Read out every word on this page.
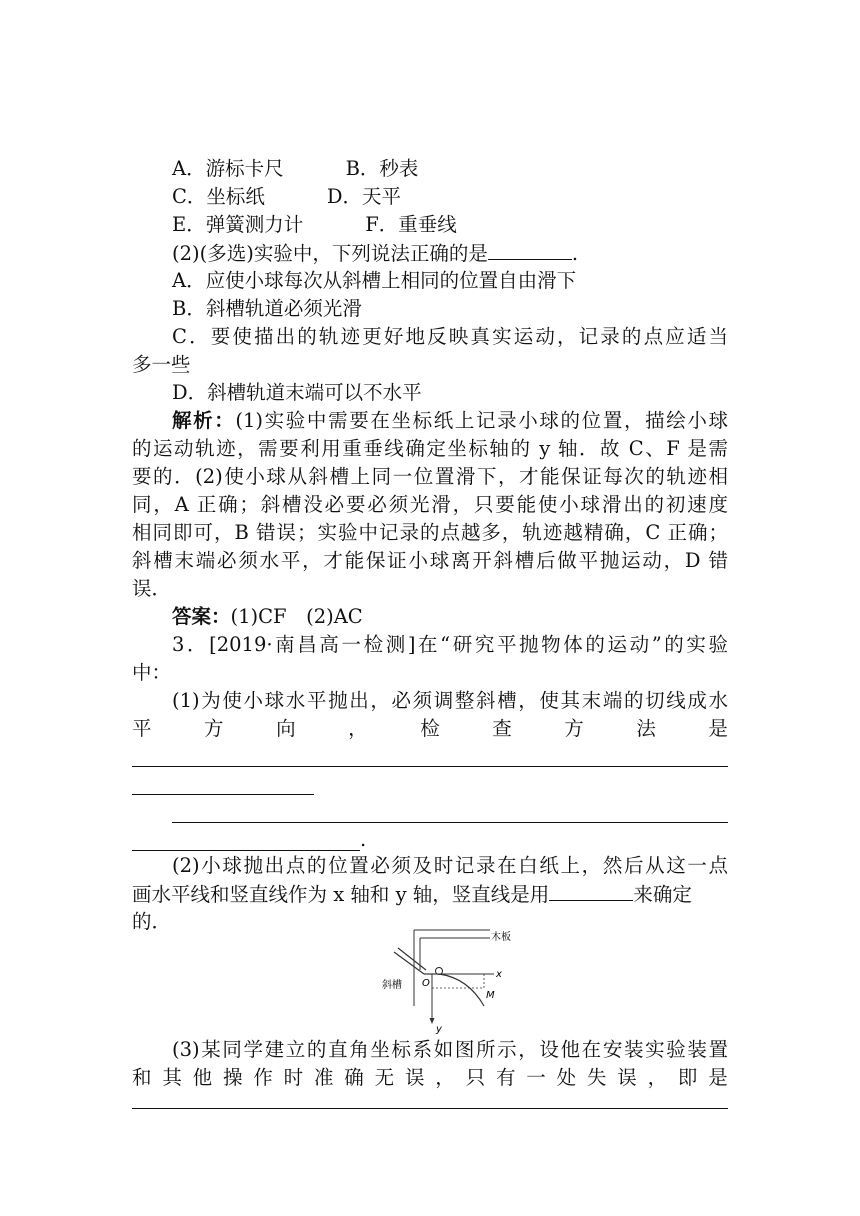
A．游标卡尺	B．秒表
C．坐标纸	D．天平
E．弹簧测力计	F．重垂线
(2)(多选)实验中，下列说法正确的是	.
A．应使小球每次从斜槽上相同的位置自由滑下
B．斜槽轨道必须光滑
C．要使描出的轨迹更好地反映真实运动，记录的点应适当
多一些
D．斜槽轨道末端可以不水平
解析：(1)实验中需要在坐标纸上记录小球的位置，描绘小球
的运动轨迹，需要利用重垂线确定坐标轴的 y 轴．故 C、F 是需
要的．(2)使小球从斜槽上同一位置滑下，才能保证每次的轨迹相
同，A 正确；斜槽没必要必须光滑，只要能使小球滑出的初速度
相同即可，B 错误；实验中记录的点越多，轨迹越精确，C 正确；
斜槽末端必须水平，才能保证小球离开斜槽后做平抛运动，D 错
误．
答案：(1)CF　(2)AC
3．[2019·南昌高一检测]在“研究平抛物体的运动”的实验
中：
(1)为使小球水平抛出，必须调整斜槽，使其末端的切线成水
平	方	向	，	检	查	方	法	是
.
(2)小球抛出点的位置必须及时记录在白纸上，然后从这一点
画水平线和竖直线作为 x 轴和 y 轴，竖直线是用	来确定
的．
木板
斜槽 O
x
y
M
(3)某同学建立的直角坐标系如图所示，设他在安装实验装置
和 其 他 操 作 时 准 确 无 误 ， 只 有 一 处 失 误 ， 即 是
